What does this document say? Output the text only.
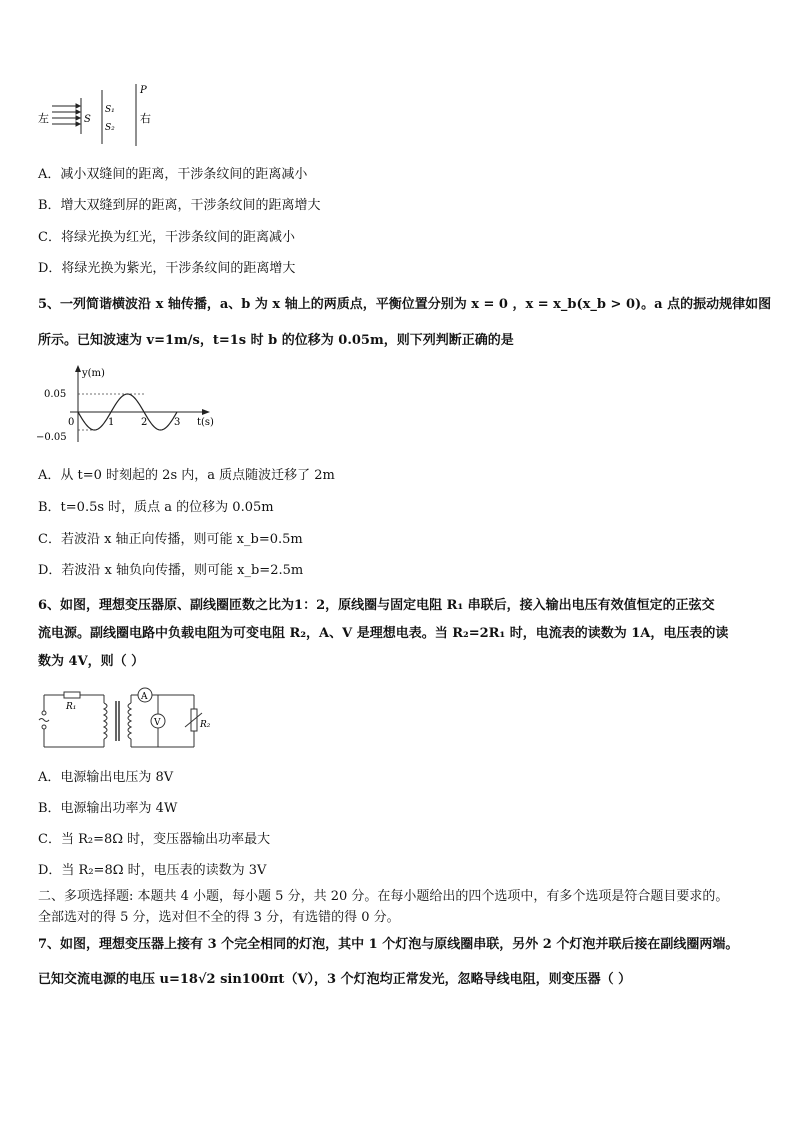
左	S
S₁
S₂
P
右
A．减小双缝间的距离，干涉条纹间的距离减小
B．增大双缝到屏的距离，干涉条纹间的距离增大
C．将绿光换为红光，干涉条纹间的距离减小
D．将绿光换为紫光，干涉条纹间的距离增大
5、一列简谐横波沿 x 轴传播，a、b 为 x 轴上的两质点，平衡位置分别为 x = 0 ，x = x_b(x_b > 0)。a 点的振动规律如图
所示。已知波速为 v=1m/s，t=1s 时 b 的位移为 0.05m，则下列判断正确的是
y(m)
0.05
−0.05
0	1	2	3 t(s)
A．从 t=0 时刻起的 2s 内，a 质点随波迁移了 2m
B．t=0.5s 时，质点 a 的位移为 0.05m
C．若波沿 x 轴正向传播，则可能 x_b=0.5m
D．若波沿 x 轴负向传播，则可能 x_b=2.5m
6、如图，理想变压器原、副线圈匝数之比为1：2，原线圈与固定电阻 R₁ 串联后，接入输出电压有效值恒定的正弦交
流电源。副线圈电路中负载电阻为可变电阻 R₂，A、V 是理想电表。当 R₂=2R₁ 时，电流表的读数为 1A，电压表的读
数为 4V，则（ ）
R₁
A
V	R₂
A．电源输出电压为 8V
B．电源输出功率为 4W
C．当 R₂=8Ω 时，变压器输出功率最大
D．当 R₂=8Ω 时，电压表的读数为 3V
二、多项选择题: 本题共 4 小题，每小题 5 分，共 20 分。在每小题给出的四个选项中，有多个选项是符合题目要求的。
全部选对的得 5 分，选对但不全的得 3 分，有选错的得 0 分。
7、如图，理想变压器上接有 3 个完全相同的灯泡，其中 1 个灯泡与原线圈串联，另外 2 个灯泡并联后接在副线圈两端。
已知交流电源的电压 u=18√2 sin100πt（V），3 个灯泡均正常发光，忽略导线电阻，则变压器（ ）
